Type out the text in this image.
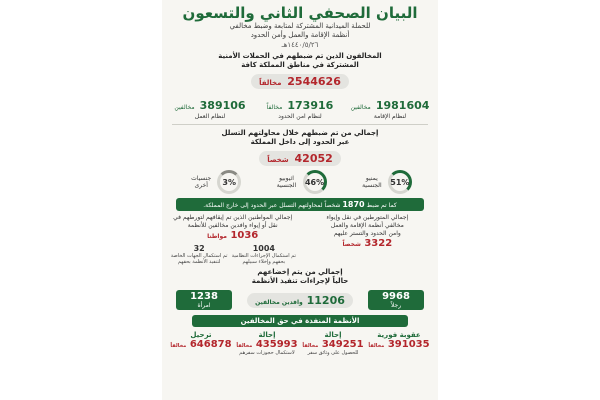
البيان الصحفي الثاني والتسعون
للحملة الميدانية المشتركة لمتابعة وضبط مخالفي
أنظمة الإقامة والعمل وأمن الحدود
١٤٤٠/٥/٢٦هـ
المخالفون الذين تم ضبطهم في الحملات الأمنية
المشتركة في مناطق المملكة كافة
2544626 مخالفاً
1981604 مخالفين
لنظام الإقامة
173916 مخالفاً
لنظام امن الحدود
389106 مخالفين
لنظام العمل
إجمالي من تم ضبطهم خلال محاولتهم التسلل
عبر الحدود إلى داخل المملكة
42052 شخصاً
51%
يمنيو الجنسية
46%
اثيوبيو الجنسية
3%
جنسيات أخرى
كما تم ضبط 1870 شخصاً لمحاولتهم التسلل عبر الحدود إلى خارج المملكة.
إجمالي المتورطين في نقل وإيواء
مخالفي أنظمة الإقامة والعمل
وامن الحدود والتستر عليهم
3322 شخصاً
إجمالي المواطنين الذين تم إيقافهم لتورطهم في
نقل أو إيواء وافدين مخالفين للأنظمة
1036 مواطنا
1004
تم استكمال الإجراءات النظامية بحقهم وإخلاء سبيلهم
32
تم استكمال الجهات الخاصة لتنفيذ الأنظمة بحقهم
إجمالي من يتم إخضاعهم
حالياً لإجراءات تنفيذ الأنظمة
9968
رجلاً
11206 وافدين مخالفين
1238
امرأة
الأنظمة المنفذة في حق المخالفين
عقوبة فورية
391035 مخالفاً
إحالة
349251 مخالفاً
للحصول على وثائق سفر
إحالة
435993 مخالفاً
لاستكمال حجوزات سفرهم
ترحيل
646878 مخالفاً
